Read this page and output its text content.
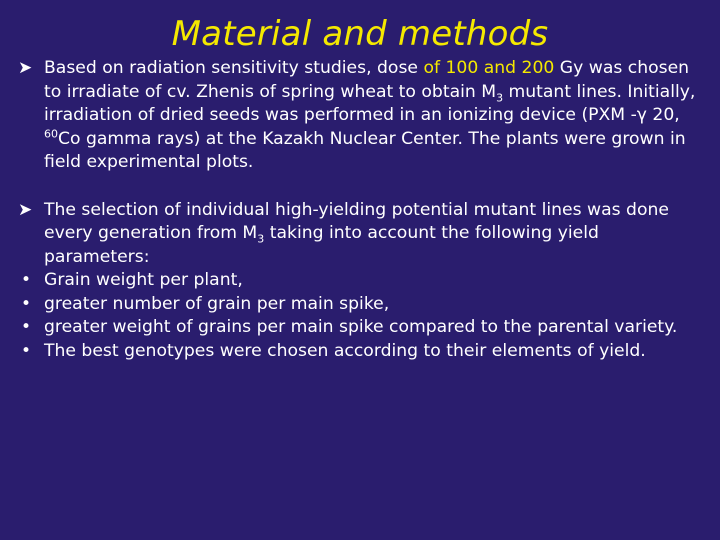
Material and methods
➤ Based on radiation sensitivity studies, dose of 100 and 200 Gy was chosen to irradiate of cv. Zhenis of spring wheat to obtain $M_3$ mutant lines. Initially, irradiation of dried seeds was performed in an ionizing device (PXM -γ 20, $^{60}$Co gamma rays) at the Kazakh Nuclear Center. The plants were grown in field experimental plots.
➤ The selection of individual high-yielding potential mutant lines was done every generation from $M_3$ taking into account the following yield parameters:
• Grain weight per plant,
• greater number of grain per main spike,
• greater weight of grains per main spike compared to the parental variety.
• The best genotypes were chosen according to their elements of yield.
